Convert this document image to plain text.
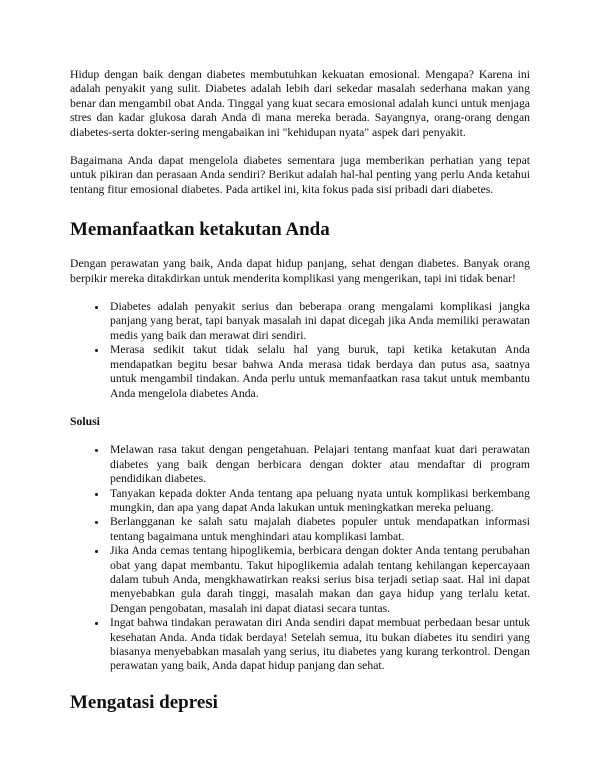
Hidup dengan baik dengan diabetes membutuhkan kekuatan emosional. Mengapa? Karena ini adalah penyakit yang sulit. Diabetes adalah lebih dari sekedar masalah sederhana makan yang benar dan mengambil obat Anda. Tinggal yang kuat secara emosional adalah kunci untuk menjaga stres dan kadar glukosa darah Anda di mana mereka berada. Sayangnya, orang-orang dengan diabetes-serta dokter-sering mengabaikan ini "kehidupan nyata" aspek dari penyakit.

Bagaimana Anda dapat mengelola diabetes sementara juga memberikan perhatian yang tepat untuk pikiran dan perasaan Anda sendiri? Berikut adalah hal-hal penting yang perlu Anda ketahui tentang fitur emosional diabetes. Pada artikel ini, kita fokus pada sisi pribadi dari diabetes.

Memanfaatkan ketakutan Anda

Dengan perawatan yang baik, Anda dapat hidup panjang, sehat dengan diabetes. Banyak orang berpikir mereka ditakdirkan untuk menderita komplikasi yang mengerikan, tapi ini tidak benar!

• Diabetes adalah penyakit serius dan beberapa orang mengalami komplikasi jangka panjang yang berat, tapi banyak masalah ini dapat dicegah jika Anda memiliki perawatan medis yang baik dan merawat diri sendiri.
• Merasa sedikit takut tidak selalu hal yang buruk, tapi ketika ketakutan Anda mendapatkan begitu besar bahwa Anda merasa tidak berdaya dan putus asa, saatnya untuk mengambil tindakan. Anda perlu untuk memanfaatkan rasa takut untuk membantu Anda mengelola diabetes Anda.

Solusi

• Melawan rasa takut dengan pengetahuan. Pelajari tentang manfaat kuat dari perawatan diabetes yang baik dengan berbicara dengan dokter atau mendaftar di program pendidikan diabetes.
• Tanyakan kepada dokter Anda tentang apa peluang nyata untuk komplikasi berkembang mungkin, dan apa yang dapat Anda lakukan untuk meningkatkan mereka peluang.
• Berlangganan ke salah satu majalah diabetes populer untuk mendapatkan informasi tentang bagaimana untuk menghindari atau komplikasi lambat.
• Jika Anda cemas tentang hipoglikemia, berbicara dengan dokter Anda tentang perubahan obat yang dapat membantu. Takut hipoglikemia adalah tentang kehilangan kepercayaan dalam tubuh Anda, mengkhawatirkan reaksi serius bisa terjadi setiap saat. Hal ini dapat menyebabkan gula darah tinggi, masalah makan dan gaya hidup yang terlalu ketat. Dengan pengobatan, masalah ini dapat diatasi secara tuntas.
• Ingat bahwa tindakan perawatan diri Anda sendiri dapat membuat perbedaan besar untuk kesehatan Anda. Anda tidak berdaya! Setelah semua, itu bukan diabetes itu sendiri yang biasanya menyebabkan masalah yang serius, itu diabetes yang kurang terkontrol. Dengan perawatan yang baik, Anda dapat hidup panjang dan sehat.
Mengatasi depresi
